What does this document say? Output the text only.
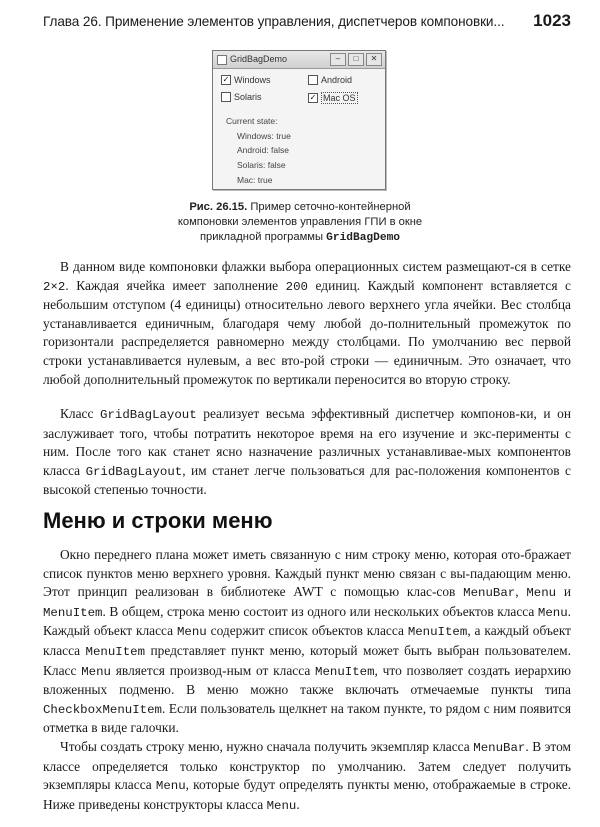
Глава 26. Применение элементов управления, диспетчеров компоновки... 1023
GridBagDemo	–	□	✕
✓ Windows	Android
Solaris	✓ Mac OS
Current state:
Windows: true
Android: false
Solaris: false
Mac: true
Рис. 26.15. Пример сеточно-контейнерной
компоновки элементов управления ГПИ в окне
прикладной программы GridBagDemo

В данном виде компоновки флажки выбора операционных систем размещают-ся в сетке 2×2. Каждая ячейка имеет заполнение 200 единиц. Каждый компонент вставляется с небольшим отступом (4 единицы) относительно левого верхнего угла ячейки. Вес столбца устанавливается единичным, благодаря чему любой до-полнительный промежуток по горизонтали распределяется равномерно между столбцами. По умолчанию вес первой строки устанавливается нулевым, а вес вто-рой строки — единичным. Это означает, что любой дополнительный промежуток по вертикали переносится во вторую строку.

Класс GridBagLayout реализует весьма эффективный диспетчер компонов-ки, и он заслуживает того, чтобы потратить некоторое время на его изучение и экс-перименты с ним. После того как станет ясно назначение различных устанавливае-мых компонентов класса GridBagLayout, им станет легче пользоваться для рас-положения компонентов с высокой степенью точности.

Меню и строки меню

Окно переднего плана может иметь связанную с ним строку меню, которая ото-бражает список пунктов меню верхнего уровня. Каждый пункт меню связан с вы-падающим меню. Этот принцип реализован в библиотеке AWT с помощью клас-сов MenuBar, Menu и MenuItem. В общем, строка меню состоит из одного или нескольких объектов класса Menu. Каждый объект класса Menu содержит список объектов класса MenuItem, а каждый объект класса MenuItem представляет пункт меню, который может быть выбран пользователем. Класс Menu является производ-ным от класса MenuItem, что позволяет создать иерархию вложенных подменю. В меню можно также включать отмечаемые пункты типа CheckboxMenuItem. Если пользователь щелкнет на таком пункте, то рядом с ним появится отметка в виде галочки.

Чтобы создать строку меню, нужно сначала получить экземпляр класса MenuBar. В этом классе определяется только конструктор по умолчанию. Затем следует получить экземпляры класса Menu, которые будут определять пункты меню, отображаемые в строке. Ниже приведены конструкторы класса Menu.
